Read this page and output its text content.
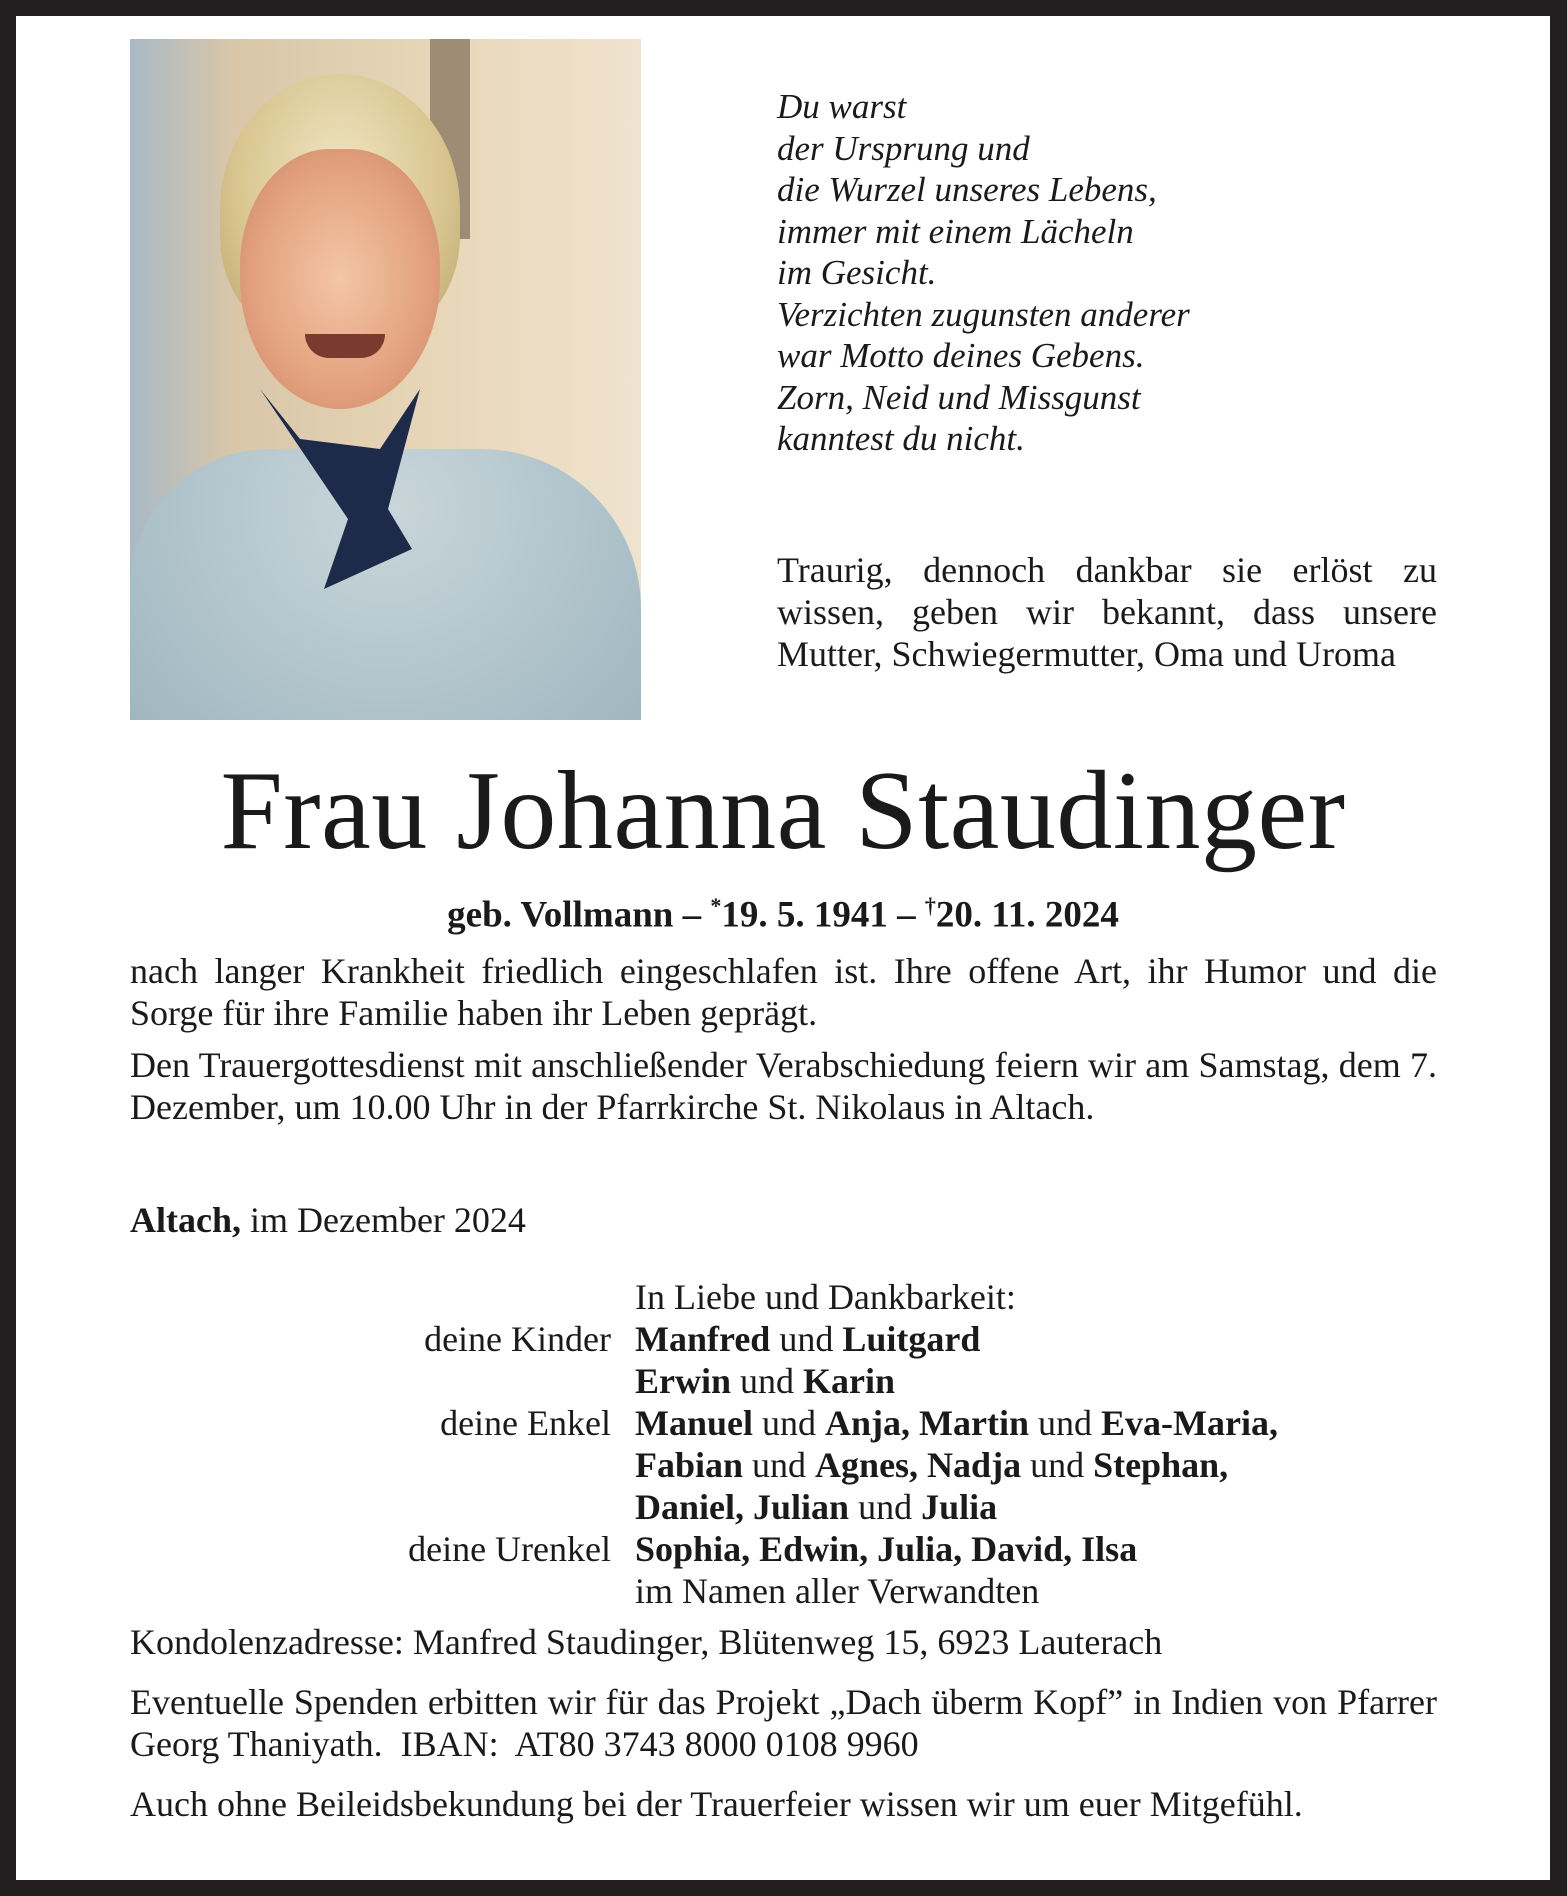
Du warst
der Ursprung und
die Wurzel unseres Lebens,
immer mit einem Lächeln
im Gesicht.
Verzichten zugunsten anderer
war Motto deines Gebens.
Zorn, Neid und Missgunst
kanntest du nicht.
Traurig, dennoch dankbar sie erlöst zu wissen, geben wir bekannt, dass unsere Mutter, Schwiegermutter, Oma und Uroma
Frau Johanna Staudinger
geb. Vollmann – *19. 5. 1941 – †20. 11. 2024
nach langer Krankheit friedlich eingeschlafen ist. Ihre offene Art, ihr Humor und die Sorge für ihre Familie haben ihr Leben geprägt.
Den Trauergottesdienst mit anschließender Verabschiedung feiern wir am Samstag, dem 7. Dezember, um 10.00 Uhr in der Pfarrkirche St. Nikolaus in Altach.
Altach, im Dezember 2024
In Liebe und Dankbarkeit:
deine Kinder Manfred und Luitgard
Erwin und Karin
deine Enkel Manuel und Anja, Martin und Eva-Maria,
Fabian und Agnes, Nadja und Stephan,
Daniel, Julian und Julia
deine Urenkel Sophia, Edwin, Julia, David, Ilsa
im Namen aller Verwandten
Kondolenzadresse: Manfred Staudinger, Blütenweg 15, 6923 Lauterach
Eventuelle Spenden erbitten wir für das Projekt „Dach überm Kopf” in Indien von Pfarrer Georg Thaniyath.  IBAN:  AT80 3743 8000 0108 9960
Auch ohne Beileidsbekundung bei der Trauerfeier wissen wir um euer Mitgefühl.
